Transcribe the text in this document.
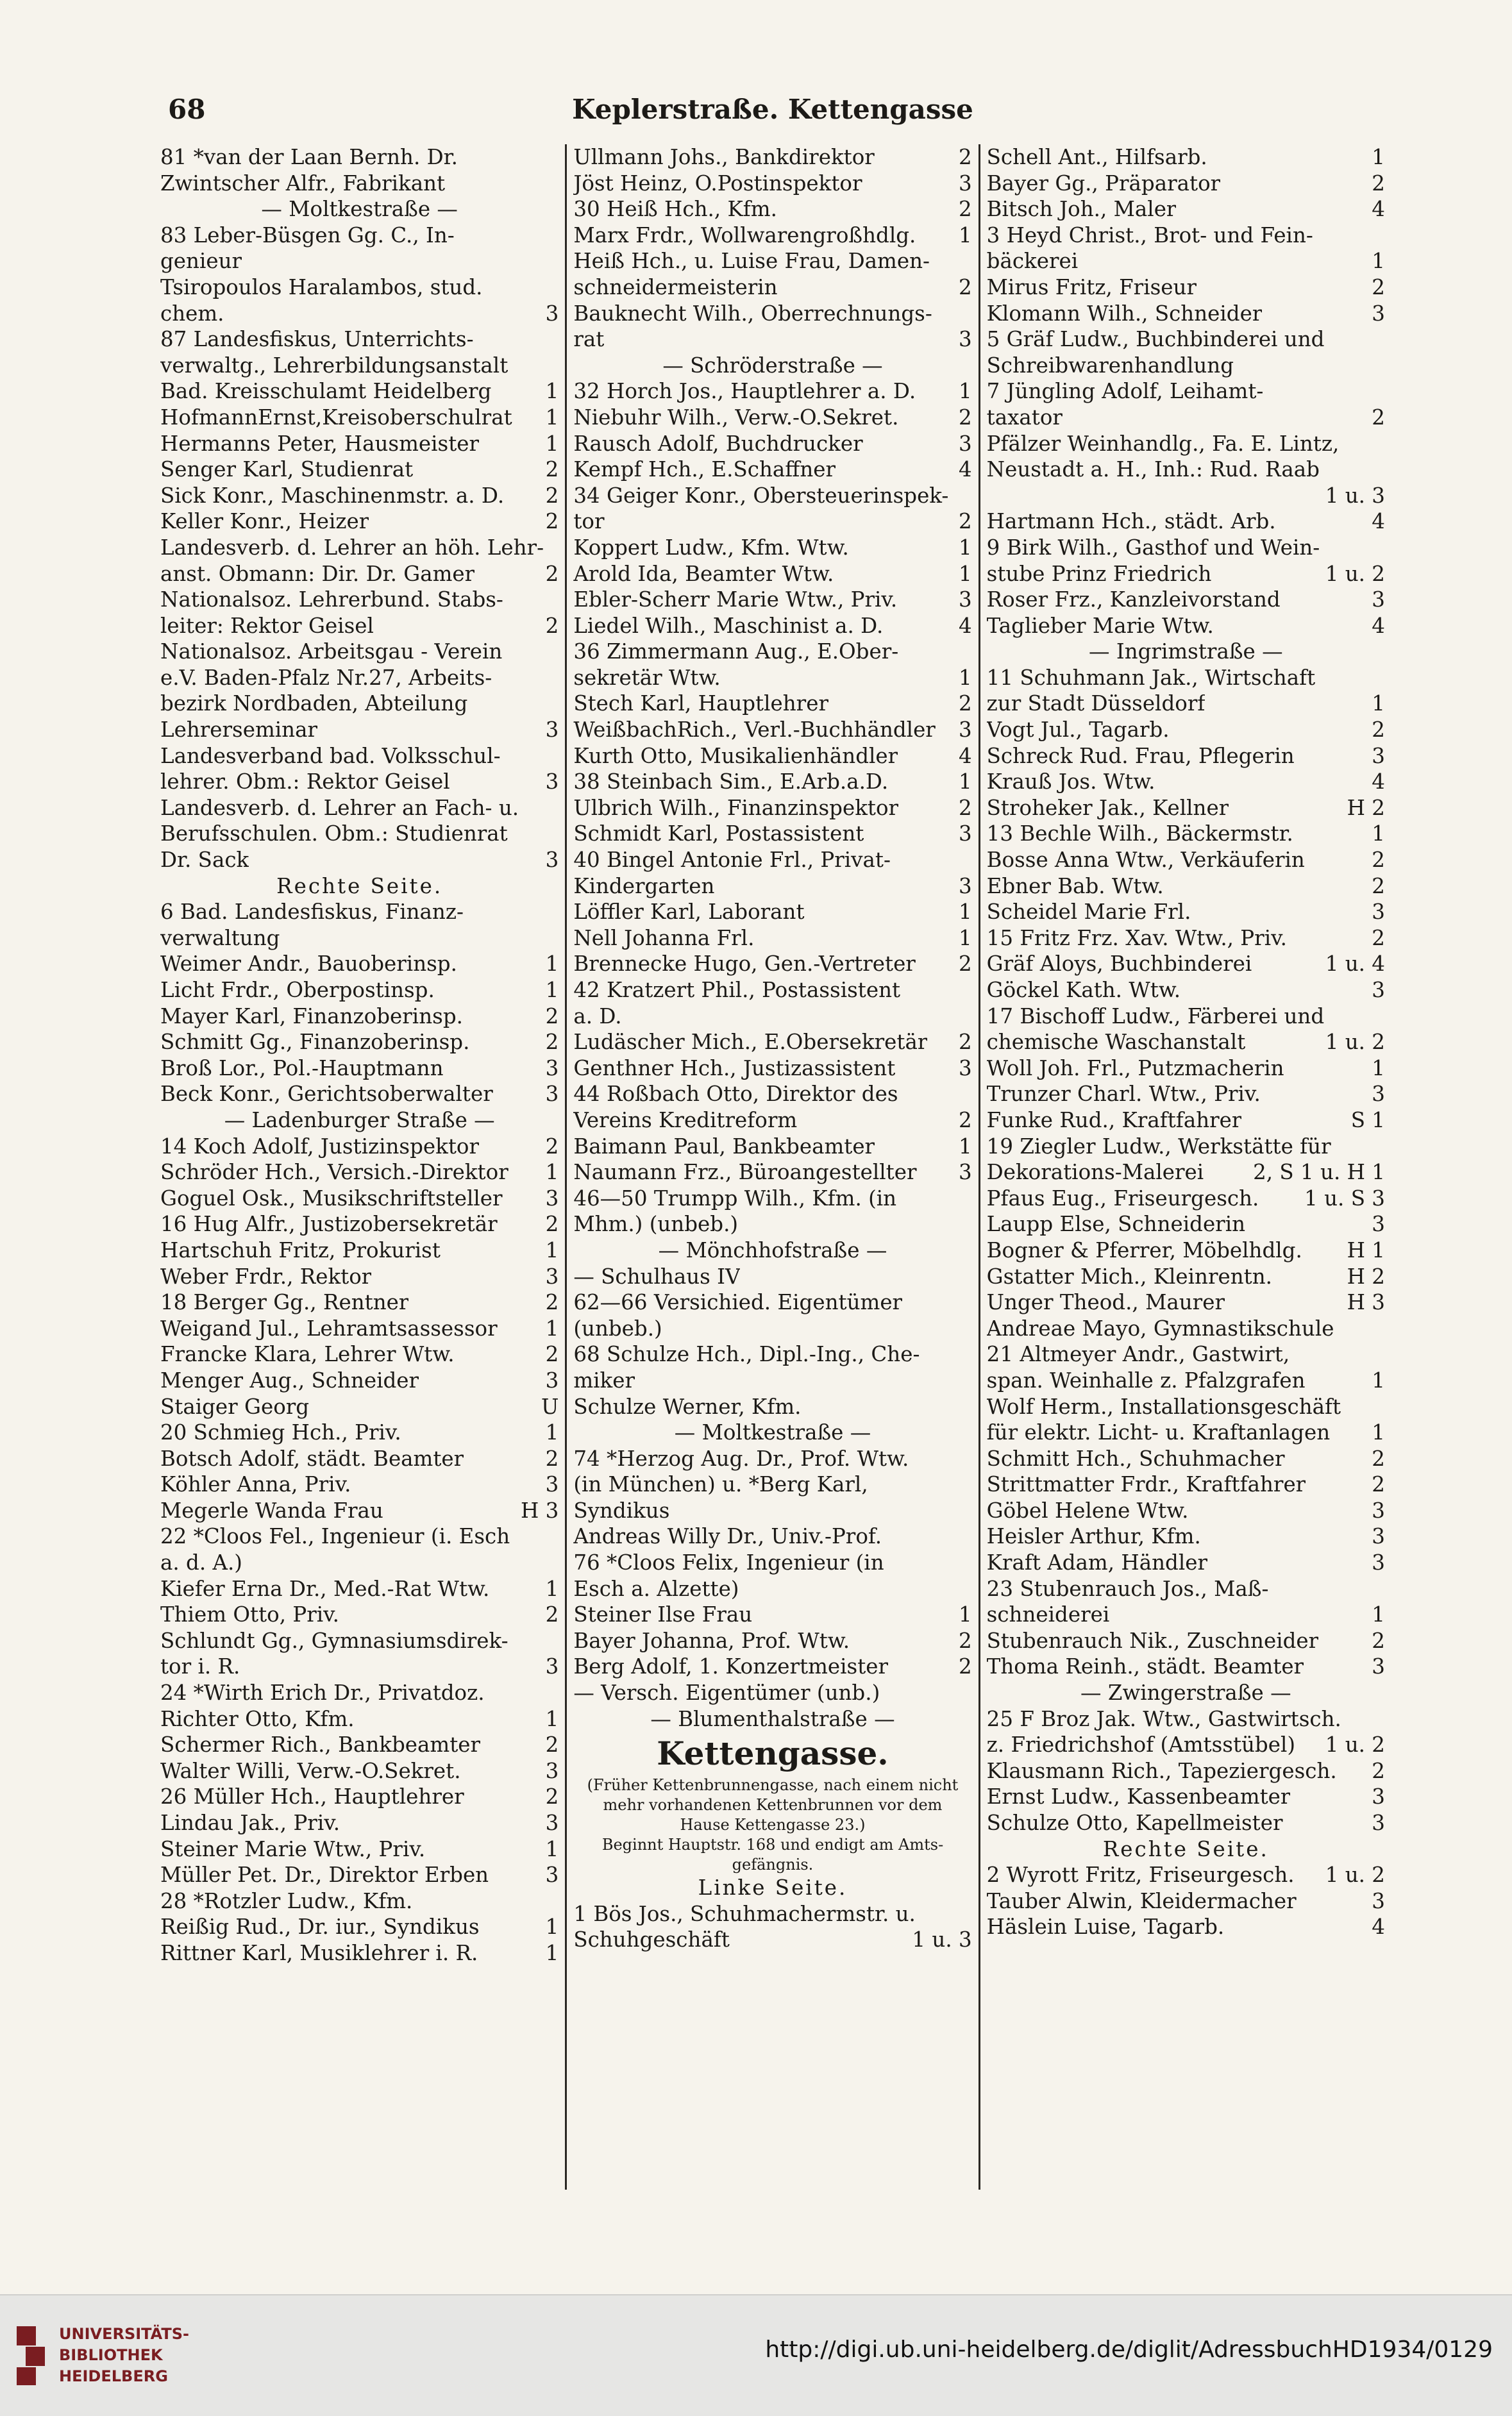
68	Keplerstraße. Kettengasse
81 *van der Laan Bernh. Dr.
Zwintscher Alfr., Fabrikant
— Moltkestraße —
83 Leber-Büsgen Gg. C., In-
genieur
Tsiropoulos Haralambos, stud.
chem.	3
87 Landesfiskus, Unterrichts-
verwaltg., Lehrerbildungsanstalt
Bad. Kreisschulamt Heidelberg	1
HofmannErnst,Kreisoberschulrat 1
Hermanns Peter, Hausmeister	1
Senger Karl, Studienrat	2
Sick Konr., Maschinenmstr. a. D. 2
Keller Konr., Heizer	2
Landesverb. d. Lehrer an höh. Lehr-
anst. Obmann: Dir. Dr. Gamer	2
Nationalsoz. Lehrerbund. Stabs-
leiter: Rektor Geisel	2
Nationalsoz. Arbeitsgau - Verein
e.V. Baden-Pfalz Nr.27, Arbeits-
bezirk Nordbaden, Abteilung
Lehrerseminar	3
Landesverband bad. Volksschul-
lehrer. Obm.: Rektor Geisel	3
Landesverb. d. Lehrer an Fach- u.
Berufsschulen. Obm.: Studienrat
Dr. Sack	3
Rechte Seite.
6 Bad. Landesfiskus, Finanz-
verwaltung
Weimer Andr., Bauoberinsp.	1
Licht Frdr., Oberpostinsp.	1
Mayer Karl, Finanzoberinsp.	2
Schmitt Gg., Finanzoberinsp.	2
Broß Lor., Pol.-Hauptmann	3
Beck Konr., Gerichtsoberwalter	3
— Ladenburger Straße —
14 Koch Adolf, Justizinspektor	2
Schröder Hch., Versich.-Direktor 1
Goguel Osk., Musikschriftsteller 3
16 Hug Alfr., Justizobersekretär 2
Hartschuh Fritz, Prokurist	1
Weber Frdr., Rektor	3
18 Berger Gg., Rentner	2
Weigand Jul., Lehramtsassessor 1
Francke Klara, Lehrer Wtw.	2
Menger Aug., Schneider	3
Staiger Georg	U
20 Schmieg Hch., Priv.	1
Botsch Adolf, städt. Beamter	2
Köhler Anna, Priv.	3
Megerle Wanda Frau	H 3
22 *Cloos Fel., Ingenieur (i. Esch
a. d. A.)
Kiefer Erna Dr., Med.-Rat Wtw.	1
Thiem Otto, Priv.	2
Schlundt Gg., Gymnasiumsdirek-
tor i. R.	3
24 *Wirth Erich Dr., Privatdoz.
Richter Otto, Kfm.	1
Schermer Rich., Bankbeamter	2
Walter Willi, Verw.-O.Sekret.	3
26 Müller Hch., Hauptlehrer	2
Lindau Jak., Priv.	3
Steiner Marie Wtw., Priv.	1
Müller Pet. Dr., Direktor Erben	3
28 *Rotzler Ludw., Kfm.
Reißig Rud., Dr. iur., Syndikus	1
Rittner Karl, Musiklehrer i. R.	1
Ullmann Johs., Bankdirektor	2
Jöst Heinz, O.Postinspektor	3
30 Heiß Hch., Kfm.	2
Marx Frdr., Wollwarengroßhdlg. 1
Heiß Hch., u. Luise Frau, Damen-
schneidermeisterin	2
Bauknecht Wilh., Oberrechnungs-
rat	3
— Schröderstraße —
32 Horch Jos., Hauptlehrer a. D. 1
Niebuhr Wilh., Verw.-O.Sekret.	2
Rausch Adolf, Buchdrucker	3
Kempf Hch., E.Schaffner	4
34 Geiger Konr., Obersteuerinspek-
tor	2
Koppert Ludw., Kfm. Wtw.	1
Arold Ida, Beamter Wtw.	1
Ebler-Scherr Marie Wtw., Priv.	3
Liedel Wilh., Maschinist a. D.	4
36 Zimmermann Aug., E.Ober-
sekretär Wtw.	1
Stech Karl, Hauptlehrer	2
WeißbachRich., Verl.-Buchhändler 3
Kurth Otto, Musikalienhändler	4
38 Steinbach Sim., E.Arb.a.D.	1
Ulbrich Wilh., Finanzinspektor	2
Schmidt Karl, Postassistent	3
40 Bingel Antonie Frl., Privat-
Kindergarten	3
Löffler Karl, Laborant	1
Nell Johanna Frl.	1
Brennecke Hugo, Gen.-Vertreter 2
42 Kratzert Phil., Postassistent
a. D.
Ludäscher Mich., E.Obersekretär 2
Genthner Hch., Justizassistent	3
44 Roßbach Otto, Direktor des
Vereins Kreditreform	2
Baimann Paul, Bankbeamter	1
Naumann Frz., Büroangestellter 3
46—50 Trumpp Wilh., Kfm. (in
Mhm.) (unbeb.)
— Mönchhofstraße —
— Schulhaus IV
62—66 Versichied. Eigentümer
(unbeb.)
68 Schulze Hch., Dipl.-Ing., Che-
miker
Schulze Werner, Kfm.
— Moltkestraße —
74 *Herzog Aug. Dr., Prof. Wtw.
(in München) u. *Berg Karl,
Syndikus
Andreas Willy Dr., Univ.-Prof.
76 *Cloos Felix, Ingenieur (in
Esch a. Alzette)
Steiner Ilse Frau	1
Bayer Johanna, Prof. Wtw.	2
Berg Adolf, 1. Konzertmeister	2
— Versch. Eigentümer (unb.)
— Blumenthalstraße —
Kettengasse.
(Früher Kettenbrunnengasse, nach einem nicht
mehr vorhandenen Kettenbrunnen vor dem
Hause Kettengasse 23.)
Beginnt Hauptstr. 168 und endigt am Amts-
gefängnis.
Linke Seite.
1 Bös Jos., Schuhmachermstr. u.
Schuhgeschäft	1 u. 3
Schell Ant., Hilfsarb.	1
Bayer Gg., Präparator	2
Bitsch Joh., Maler	4
3 Heyd Christ., Brot- und Fein-
bäckerei	1
Mirus Fritz, Friseur	2
Klomann Wilh., Schneider	3
5 Gräf Ludw., Buchbinderei und
Schreibwarenhandlung
7 Jüngling Adolf, Leihamt-
taxator	2
Pfälzer Weinhandlg., Fa. E. Lintz,
Neustadt a. H., Inh.: Rud. Raab
1 u. 3
Hartmann Hch., städt. Arb.	4
9 Birk Wilh., Gasthof und Wein-
stube Prinz Friedrich	1 u. 2
Roser Frz., Kanzleivorstand	3
Taglieber Marie Wtw.	4
— Ingrimstraße —
11 Schuhmann Jak., Wirtschaft
zur Stadt Düsseldorf	1
Vogt Jul., Tagarb.	2
Schreck Rud. Frau, Pflegerin	3
Krauß Jos. Wtw.	4
Stroheker Jak., Kellner	H 2
13 Bechle Wilh., Bäckermstr.	1
Bosse Anna Wtw., Verkäuferin	2
Ebner Bab. Wtw.	2
Scheidel Marie Frl.	3
15 Fritz Frz. Xav. Wtw., Priv.	2
Gräf Aloys, Buchbinderei	1 u. 4
Göckel Kath. Wtw.	3
17 Bischoff Ludw., Färberei und
chemische Waschanstalt	1 u. 2
Woll Joh. Frl., Putzmacherin	1
Trunzer Charl. Wtw., Priv.	3
Funke Rud., Kraftfahrer	S 1
19 Ziegler Ludw., Werkstätte für
Dekorations-Malerei 2, S 1 u. H 1
Pfaus Eug., Friseurgesch. 1 u. S 3
Laupp Else, Schneiderin	3
Bogner & Pferrer, Möbelhdlg. H 1
Gstatter Mich., Kleinrentn.	H 2
Unger Theod., Maurer	H 3
Andreae Mayo, Gymnastikschule
21 Altmeyer Andr., Gastwirt,
span. Weinhalle z. Pfalzgrafen	1
Wolf Herm., Installationsgeschäft
für elektr. Licht- u. Kraftanlagen 1
Schmitt Hch., Schuhmacher	2
Strittmatter Frdr., Kraftfahrer	2
Göbel Helene Wtw.	3
Heisler Arthur, Kfm.	3
Kraft Adam, Händler	3
23 Stubenrauch Jos., Maß-
schneiderei	1
Stubenrauch Nik., Zuschneider	2
Thoma Reinh., städt. Beamter	3
— Zwingerstraße —
25 F Broz Jak. Wtw., Gastwirtsch.
z. Friedrichshof (Amtsstübel) 1 u. 2
Klausmann Rich., Tapeziergesch. 2
Ernst Ludw., Kassenbeamter	3
Schulze Otto, Kapellmeister	3
Rechte Seite.
2 Wyrott Fritz, Friseurgesch. 1 u. 2
Tauber Alwin, Kleidermacher	3
Häslein Luise, Tagarb.	4
UNIVERSITÄTS-
BIBLIOTHEK
HEIDELBERG
http://digi.ub.uni-heidelberg.de/diglit/AdressbuchHD1934/0129
